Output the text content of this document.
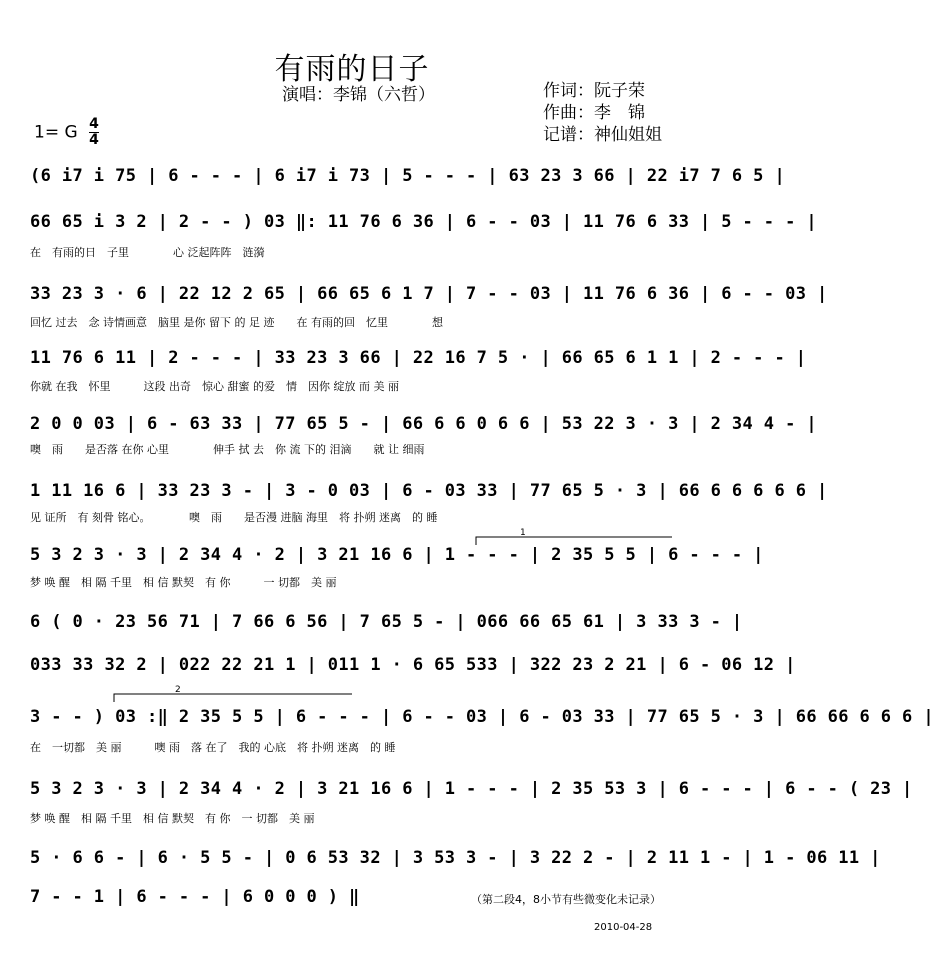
有雨的日子
演唱：李锦（六哲）	作词：阮子荣
作曲：李　锦
记谱：神仙姐姐
1= G $\frac{4}{4}$
(6 i7 i 75 | 6 - - - | 6 i7 i 73 | 5 - - - | 63 23 3 66 | 22 i7 7 6 5 |
66 65 i 3 2 | 2 - - ) 03 ‖: 11 76 6 36 | 6 - - 03 | 11 76 6 33 | 5 - - - |
在　有雨的日　子里　　　　心 泛起阵阵　涟漪
33 23 3 · 6 | 22 12 2 65 | 66 65 6 1 7 | 7 - - 03 | 11 76 6 36 | 6 - - 03 |
回忆 过去　念 诗情画意　脑里 是你 留下 的 足 迹　　在 有雨的回　忆里　　　　想
11 76 6 11 | 2 - - - | 33 23 3 66 | 22 16 7 5 · | 66 65 6 1 1 | 2 - - - |
你就 在我　怀里　　　这段 出奇　惊心 甜蜜 的爱　情　因你 绽放 而 美 丽
2 0 0 03 | 6 - 63 33 | 77 65 5 - | 66 6 6 0 6 6 | 53 22 3 · 3 | 2 34 4 - |
噢　雨　　是否落 在你 心里　　　　伸手 拭 去　你 流 下的 泪滴　　就 让 细雨
1 11 16 6 | 33 23 3 - | 3 - 0 03 | 6 - 03 33 | 77 65 5 · 3 | 66 6 6 6 6 6 |
见 证所　有 刻骨 铭心。　　　　噢　雨　　是否漫 进脑 海里　将 扑朔 迷离　的 睡
5 3 2 3 · 3 | 2 34 4 · 2 | 3 21 16 6 | 1 - - - | 2 35 5 5 | 6 - - - |
梦 唤 醒　相 隔 千里　相 信 默契　有 你　　　一 切都　美 丽
6 ( 0 · 23 56 71 | 7 66 6 56 | 7 65 5 - | 066 66 65 61 | 3 33 3 - |
033 33 32 2 | 022 22 21 1 | 011 1 · 6 65 533 | 322 23 2 21 | 6 - 06 12 |
3 - - ) 03 :‖ 2 35 5 5 | 6 - - - | 6 - - 03 | 6 - 03 33 | 77 65 5 · 3 | 66 66 6 6 6 |
在　一切都　美 丽　　　噢 雨　落 在了　我的 心底　将 扑朔 迷离　的 睡
5 3 2 3 · 3 | 2 34 4 · 2 | 3 21 16 6 | 1 - - - | 2 35 53 3 | 6 - - - | 6 - - ( 23 |
梦 唤 醒　相 隔 千里　相 信 默契　有 你　一 切都　美 丽
5 · 6 6 - | 6 · 5 5 - | 0 6 53 32 | 3 53 3 - | 3 22 2 - | 2 11 1 - | 1 - 06 11 |
7 - - 1 | 6 - - - | 6 0 0 0 ) ‖	（第二段4，8小节有些微变化未记录）
2010-04-28
1
2
